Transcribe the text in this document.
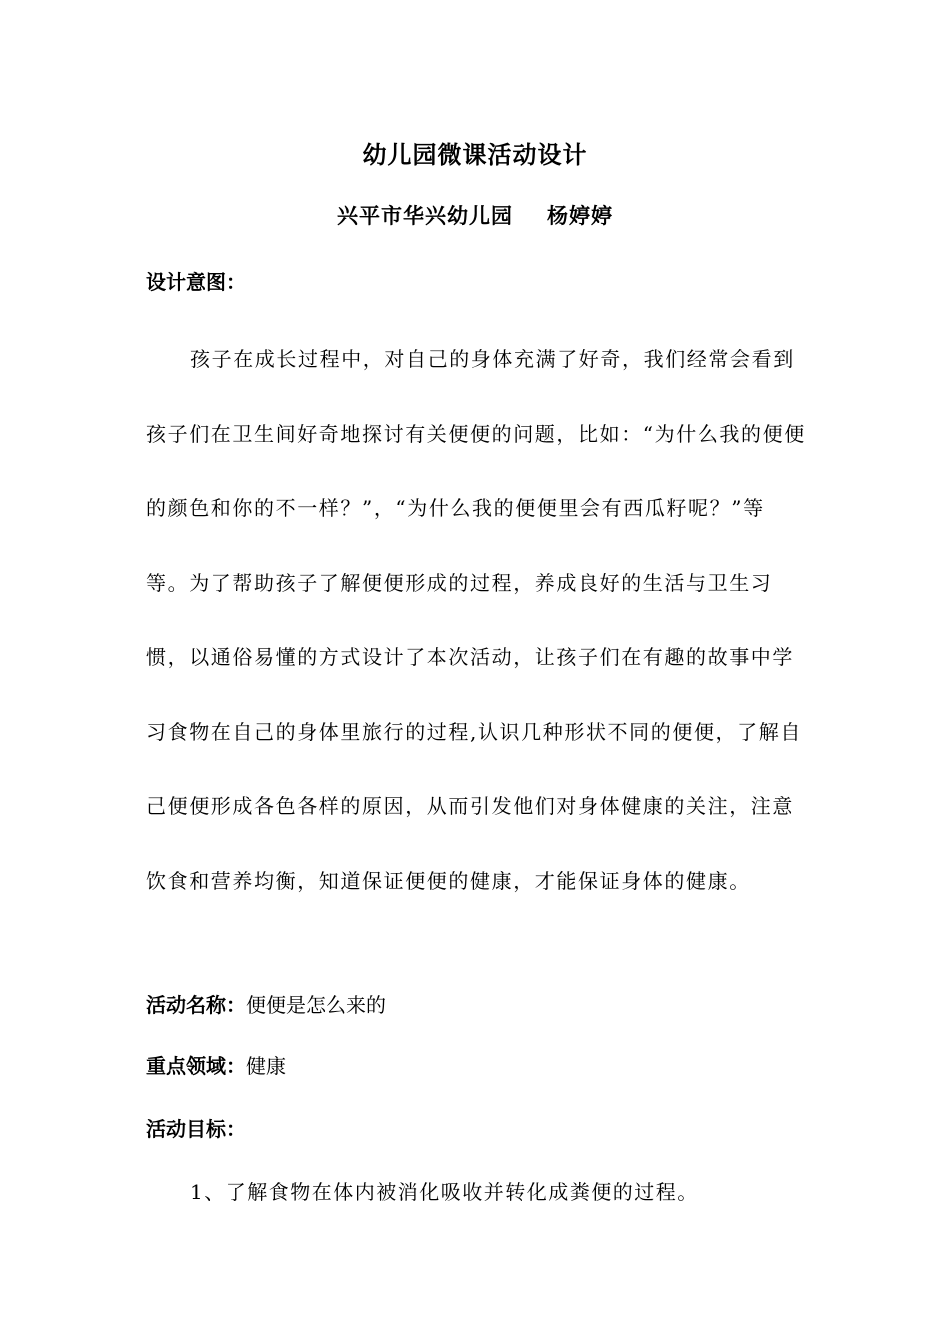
幼儿园微课活动设计
兴平市华兴幼儿园 杨婷婷
设计意图：
孩子在成长过程中，对自己的身体充满了好奇，我们经常会看到孩子们在卫生间好奇地探讨有关便便的问题，比如：“为什么我的便便的颜色和你的不一样？”，“为什么我的便便里会有西瓜籽呢？”等等。为了帮助孩子了解便便形成的过程，养成良好的生活与卫生习惯，以通俗易懂的方式设计了本次活动，让孩子们在有趣的故事中学习食物在自己的身体里旅行的过程,认识几种形状不同的便便，了解自己便便形成各色各样的原因，从而引发他们对身体健康的关注，注意饮食和营养均衡，知道保证便便的健康，才能保证身体的健康。
活动名称：便便是怎么来的
重点领域：健康
活动目标：
1、了解食物在体内被消化吸收并转化成粪便的过程。
